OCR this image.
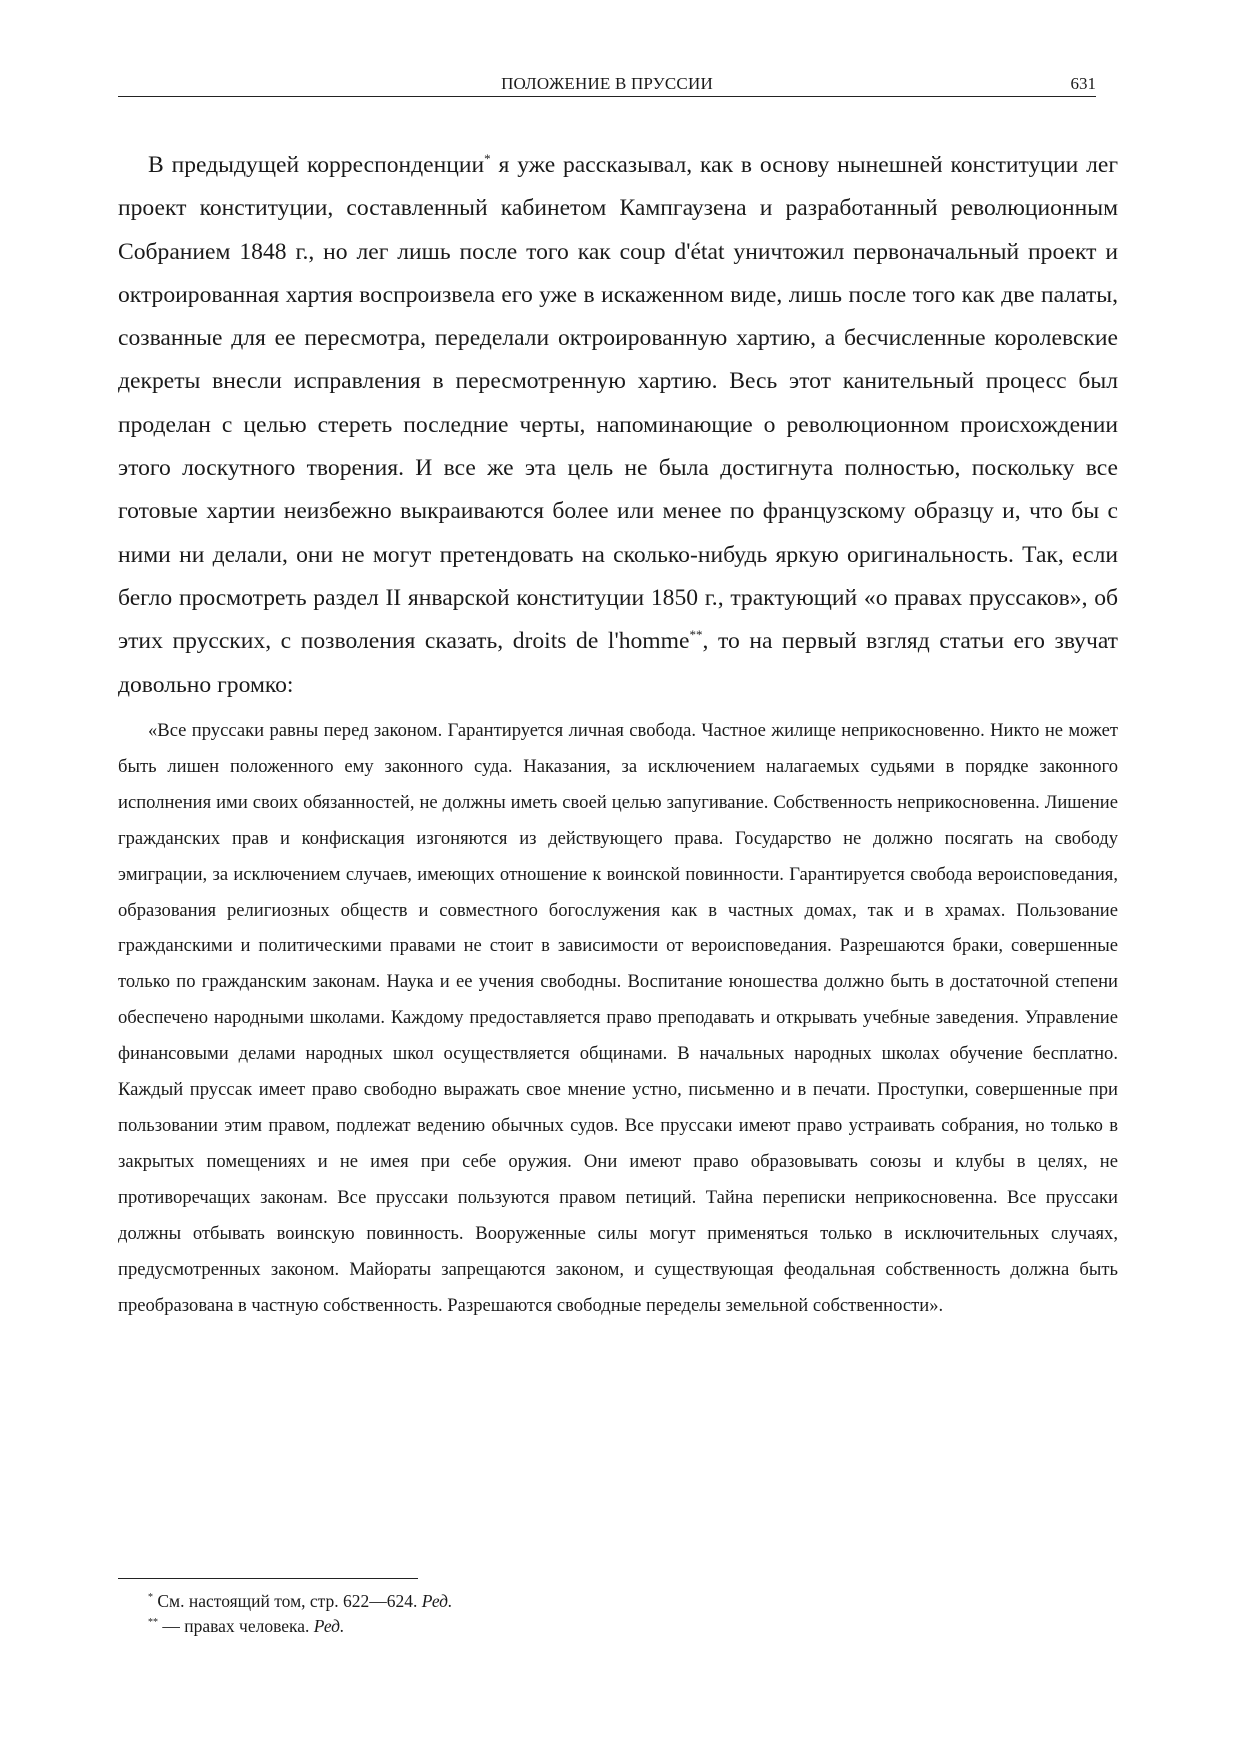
ПОЛОЖЕНИЕ В ПРУССИИ	631

В предыдущей корреспонденции* я уже рассказывал, как в основу нынешней конституции лег проект конституции, составленный кабинетом Кампгаузена и разработанный революционным Собранием 1848 г., но лег лишь после того как coup d'état уничтожил первоначальный проект и октроированная хартия воспроизвела его уже в искаженном виде, лишь после того как две палаты, созванные для ее пересмотра, переделали октроированную хартию, а бесчисленные королевские декреты внесли исправления в пересмотренную хартию. Весь этот канительный процесс был проделан с целью стереть последние черты, напоминающие о революционном происхождении этого лоскутного творения. И все же эта цель не была достигнута полностью, поскольку все готовые хартии неизбежно выкраиваются более или менее по французскому образцу и, что бы с ними ни делали, они не могут претендовать на сколько-нибудь яркую оригинальность. Так, если бегло просмотреть раздел II январской конституции 1850 г., трактующий «о правах пруссаков», об этих прусских, с позволения сказать, droits de l'homme**, то на первый взгляд статьи его звучат довольно громко:

«Все пруссаки равны перед законом. Гарантируется личная свобода. Частное жилище неприкосновенно. Никто не может быть лишен положенного ему законного суда. Наказания, за исключением налагаемых судьями в порядке законного исполнения ими своих обязанностей, не должны иметь своей целью запугивание. Собственность неприкосновенна. Лишение гражданских прав и конфискация изгоняются из действующего права. Государство не должно посягать на свободу эмиграции, за исключением случаев, имеющих отношение к воинской повинности. Гарантируется свобода вероисповедания, образования религиозных обществ и совместного богослужения как в частных домах, так и в храмах. Пользование гражданскими и политическими правами не стоит в зависимости от вероисповедания. Разрешаются браки, совершенные только по гражданским законам. Наука и ее учения свободны. Воспитание юношества должно быть в достаточной степени обеспечено народными школами. Каждому предоставляется право преподавать и открывать учебные заведения. Управление финансовыми делами народных школ осуществляется общинами. В начальных народных школах обучение бесплатно. Каждый пруссак имеет право свободно выражать свое мнение устно, письменно и в печати. Проступки, совершенные при пользовании этим правом, подлежат ведению обычных судов. Все пруссаки имеют право устраивать собрания, но только в закрытых помещениях и не имея при себе оружия. Они имеют право образовывать союзы и клубы в целях, не противоречащих законам. Все пруссаки пользуются правом петиций. Тайна переписки неприкосновенна. Все пруссаки должны отбывать воинскую повинность. Вооруженные силы могут применяться только в исключительных случаях, предусмотренных законом. Майораты запрещаются законом, и существующая феодальная собственность должна быть преобразована в частную собственность. Разрешаются свободные переделы земельной собственности».

* См. настоящий том, стр. 622—624. Ред.
** — правах человека. Ред.
